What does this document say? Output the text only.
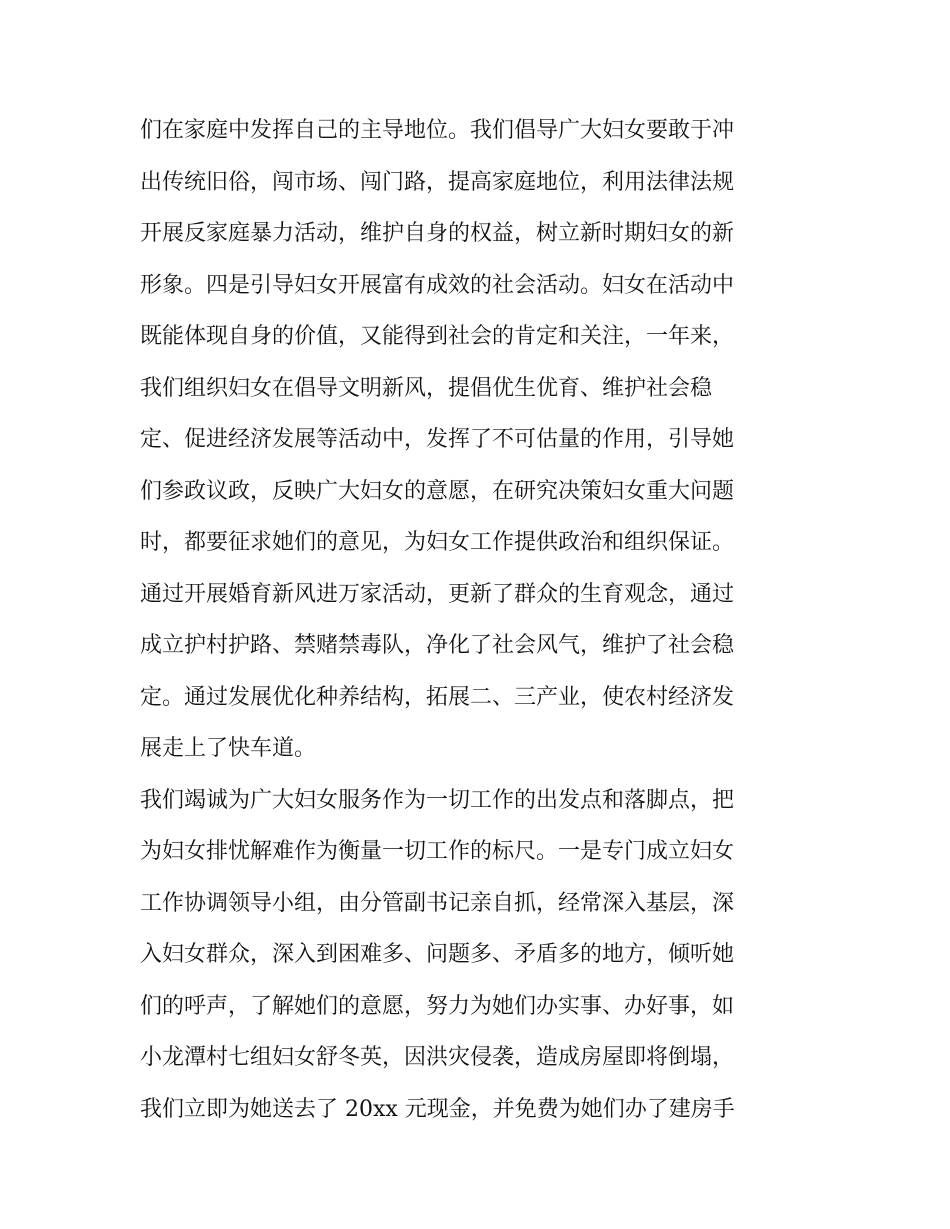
们在家庭中发挥自己的主导地位。我们倡导广大妇女要敢于冲
出传统旧俗，闯市场、闯门路，提高家庭地位，利用法律法规
开展反家庭暴力活动，维护自身的权益，树立新时期妇女的新
形象。四是引导妇女开展富有成效的社会活动。妇女在活动中
既能体现自身的价值，又能得到社会的肯定和关注，一年来，
我们组织妇女在倡导文明新风，提倡优生优育、维护社会稳
定、促进经济发展等活动中，发挥了不可估量的作用，引导她
们参政议政，反映广大妇女的意愿，在研究决策妇女重大问题
时，都要征求她们的意见，为妇女工作提供政治和组织保证。
通过开展婚育新风进万家活动，更新了群众的生育观念，通过
成立护村护路、禁赌禁毒队，净化了社会风气，维护了社会稳
定。通过发展优化种养结构，拓展二、三产业，使农村经济发
展走上了快车道。
我们竭诚为广大妇女服务作为一切工作的出发点和落脚点，把
为妇女排忧解难作为衡量一切工作的标尺。一是专门成立妇女
工作协调领导小组，由分管副书记亲自抓，经常深入基层，深
入妇女群众，深入到困难多、问题多、矛盾多的地方，倾听她
们的呼声，了解她们的意愿，努力为她们办实事、办好事，如
小龙潭村七组妇女舒冬英，因洪灾侵袭，造成房屋即将倒塌，
我们立即为她送去了 20xx 元现金，并免费为她们办了建房手
